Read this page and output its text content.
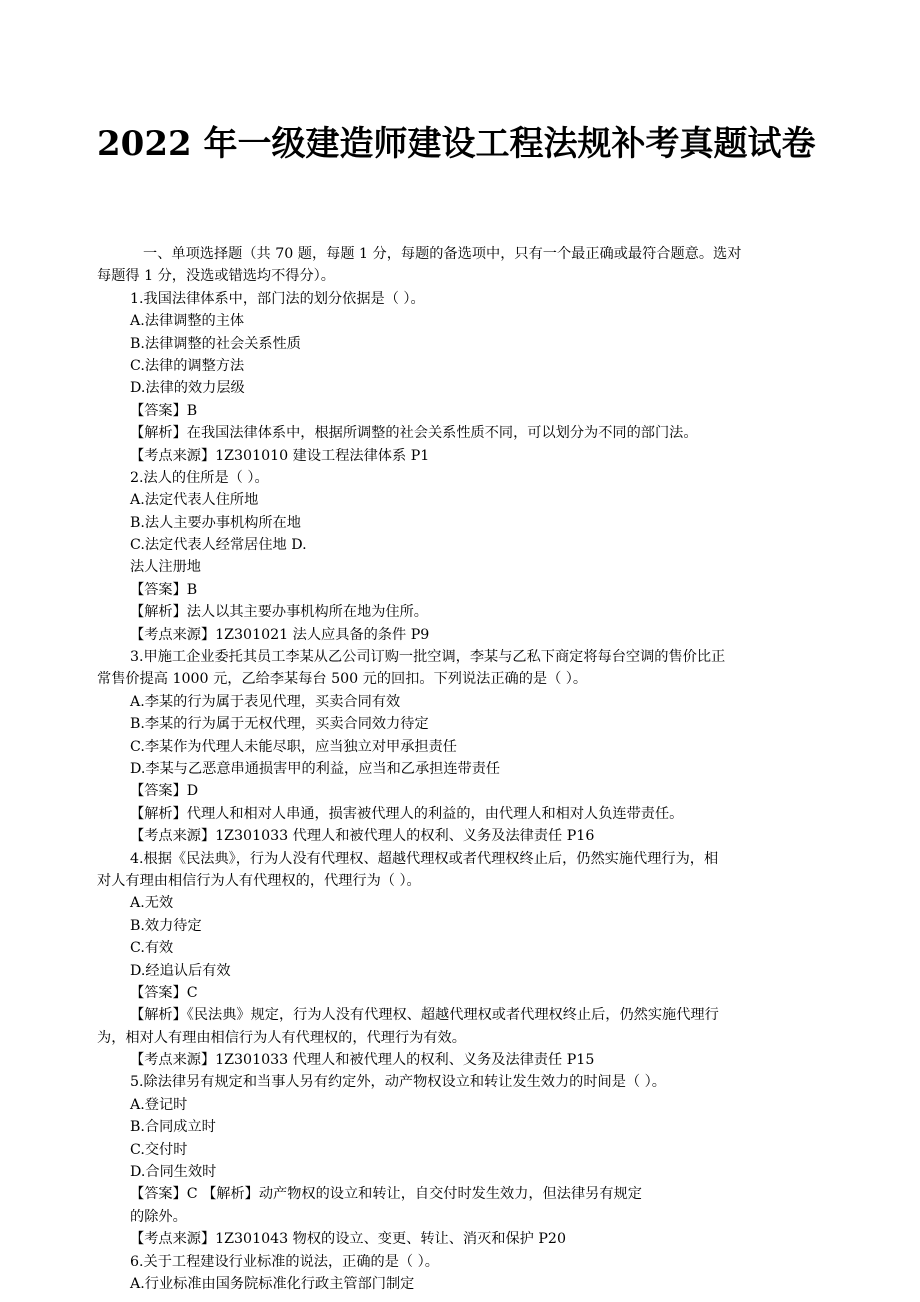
2022 年一级建造师建设工程法规补考真题试卷
一、单项选择题（共 70 题，每题 1 分，每题的备选项中，只有一个最正确或最符合题意。选对
每题得 1 分，没选或错选均不得分）。
1.我国法律体系中，部门法的划分依据是（ ）。
A.法律调整的主体
B.法律调整的社会关系性质
C.法律的调整方法
D.法律的效力层级
【答案】B
【解析】在我国法律体系中，根据所调整的社会关系性质不同，可以划分为不同的部门法。
【考点来源】1Z301010 建设工程法律体系 P1
2.法人的住所是（ ）。
A.法定代表人住所地
B.法人主要办事机构所在地
C.法定代表人经常居住地 D.
法人注册地
【答案】B
【解析】法人以其主要办事机构所在地为住所。
【考点来源】1Z301021 法人应具备的条件 P9
3.甲施工企业委托其员工李某从乙公司订购一批空调，李某与乙私下商定将每台空调的售价比正
常售价提高 1000 元，乙给李某每台 500 元的回扣。下列说法正确的是（ ）。
A.李某的行为属于表见代理，买卖合同有效
B.李某的行为属于无权代理，买卖合同效力待定
C.李某作为代理人未能尽职，应当独立对甲承担责任
D.李某与乙恶意串通损害甲的利益，应当和乙承担连带责任
【答案】D
【解析】代理人和相对人串通，损害被代理人的利益的，由代理人和相对人负连带责任。
【考点来源】1Z301033 代理人和被代理人的权利、义务及法律责任 P16
4.根据《民法典》，行为人没有代理权、超越代理权或者代理权终止后，仍然实施代理行为，相
对人有理由相信行为人有代理权的，代理行为（ ）。
A.无效
B.效力待定
C.有效
D.经追认后有效
【答案】C
【解析】《民法典》规定，行为人没有代理权、超越代理权或者代理权终止后，仍然实施代理行
为，相对人有理由相信行为人有代理权的，代理行为有效。
【考点来源】1Z301033 代理人和被代理人的权利、义务及法律责任 P15
5.除法律另有规定和当事人另有约定外，动产物权设立和转让发生效力的时间是（ ）。
A.登记时
B.合同成立时
C.交付时
D.合同生效时
【答案】C 【解析】动产物权的设立和转让，自交付时发生效力，但法律另有规定
的除外。
【考点来源】1Z301043 物权的设立、变更、转让、消灭和保护 P20
6.关于工程建设行业标准的说法，正确的是（ ）。
A.行业标准由国务院标准化行政主管部门制定
